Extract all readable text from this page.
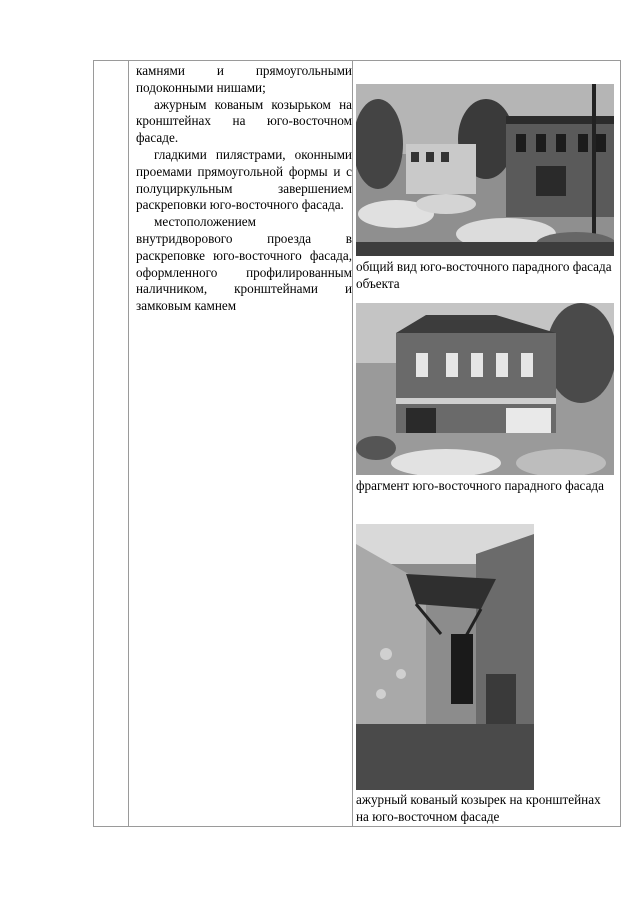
камнями и прямоугольными подоконными нишами;

ажурным кованым козырьком на кронштейнах на юго-восточном фасаде.

гладкими пилястрами, оконными проемами прямоугольной формы и с полуциркульным завершением раскреповки юго-восточного фасада.

местоположением внутридворового проезда в раскреповке юго-восточного фасада, оформленного профилированным наличником, кронштейнами и замковым камнем

общий вид юго-восточного парадного фасада объекта
фрагмент юго-восточного парадного фасада
ажурный кованый козырек на кронштейнах на юго-восточном фасаде
